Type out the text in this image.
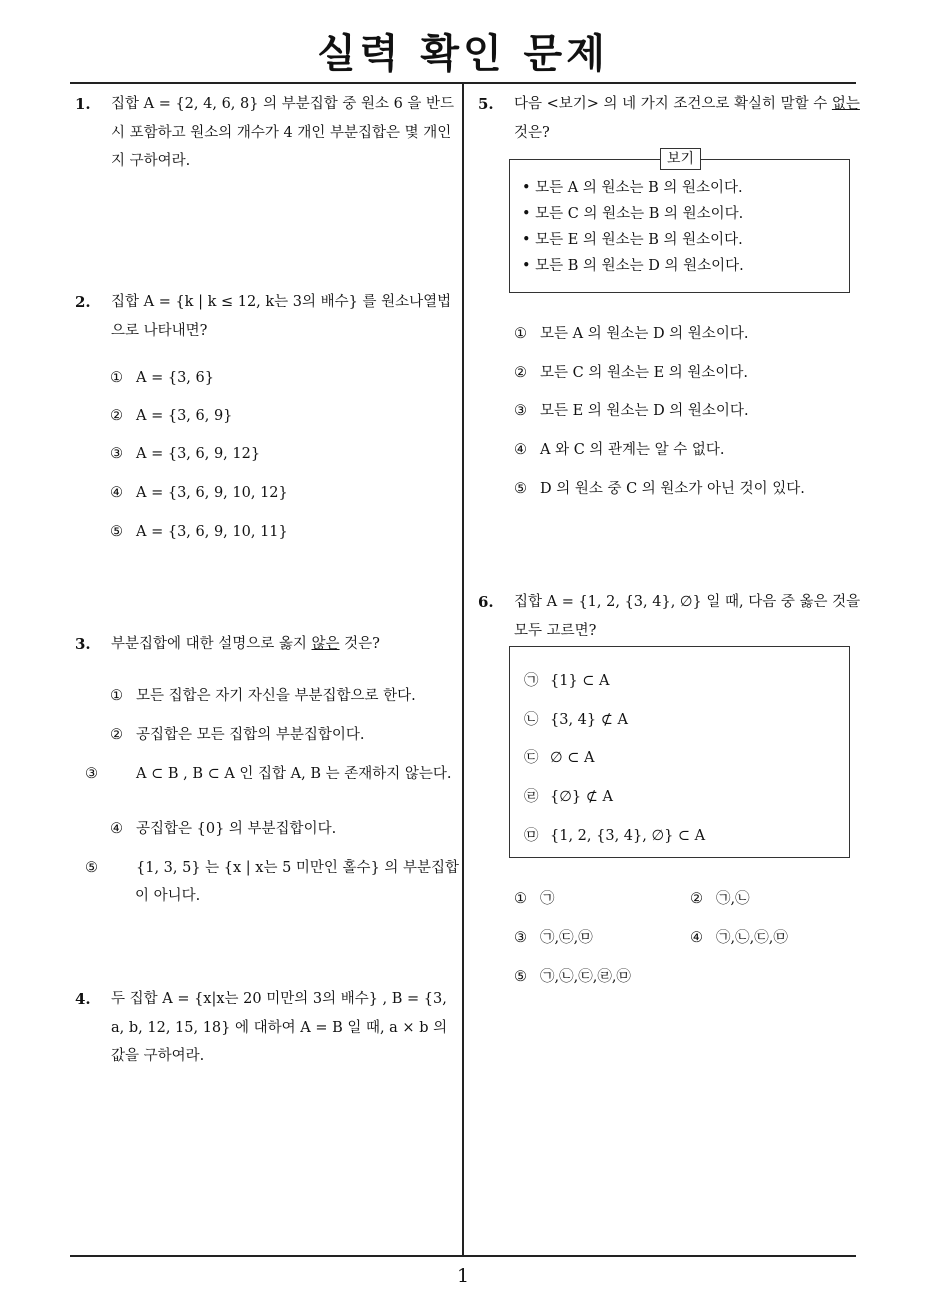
실력 확인 문제
1
1. 집합 A = {2, 4, 6, 8} 의 부분집합 중 원소 6 을 반드시 포함하고 원소의 개수가 4 개인 부분집합은 몇 개인지 구하여라.
2. 집합 A = {k | k ≤ 12, k는 3의 배수} 를 원소나열법으로 나타내면?
① A = {3, 6}
② A = {3, 6, 9}
③ A = {3, 6, 9, 12}
④ A = {3, 6, 9, 10, 12}
⑤ A = {3, 6, 9, 10, 11}
3. 부분집합에 대한 설명으로 옳지 않은 것은?
① 모든 집합은 자기 자신을 부분집합으로 한다.
② 공집합은 모든 집합의 부분집합이다.
③	A ⊂ B , B ⊂ A 인 집합 A, B 는 존재하지 않는다.
④ 공집합은 {0} 의 부분집합이다.
⑤	{1, 3, 5} 는 {x | x는 5 미만인 홀수} 의 부분집합이 아니다.
4. 두 집합 A = {x|x는 20 미만의 3의 배수} , B = {3, a, b, 12, 15, 18} 에 대하여 A = B 일 때, a × b 의 값을 구하여라.
5. 다음 <보기> 의 네 가지 조건으로 확실히 말할 수 없는 것은?
보기
• 모든 A 의 원소는 B 의 원소이다.
• 모든 C 의 원소는 B 의 원소이다.
• 모든 E 의 원소는 B 의 원소이다.
• 모든 B 의 원소는 D 의 원소이다.
① 모든 A 의 원소는 D 의 원소이다.
② 모든 C 의 원소는 E 의 원소이다.
③ 모든 E 의 원소는 D 의 원소이다.
④ A 와 C 의 관계는 알 수 없다.
⑤ D 의 원소 중 C 의 원소가 아닌 것이 있다.
6. 집합 A = {1, 2, {3, 4}, ∅} 일 때, 다음 중 옳은 것을 모두 고르면?
㉠ {1} ⊂ A
㉡ {3, 4} ⊄ A
㉢ ∅ ⊂ A
㉣ {∅} ⊄ A
㉤ {1, 2, {3, 4}, ∅} ⊂ A
① ㉠	② ㉠,㉡
③ ㉠,㉢,㉤	④ ㉠,㉡,㉢,㉤
⑤ ㉠,㉡,㉢,㉣,㉤
